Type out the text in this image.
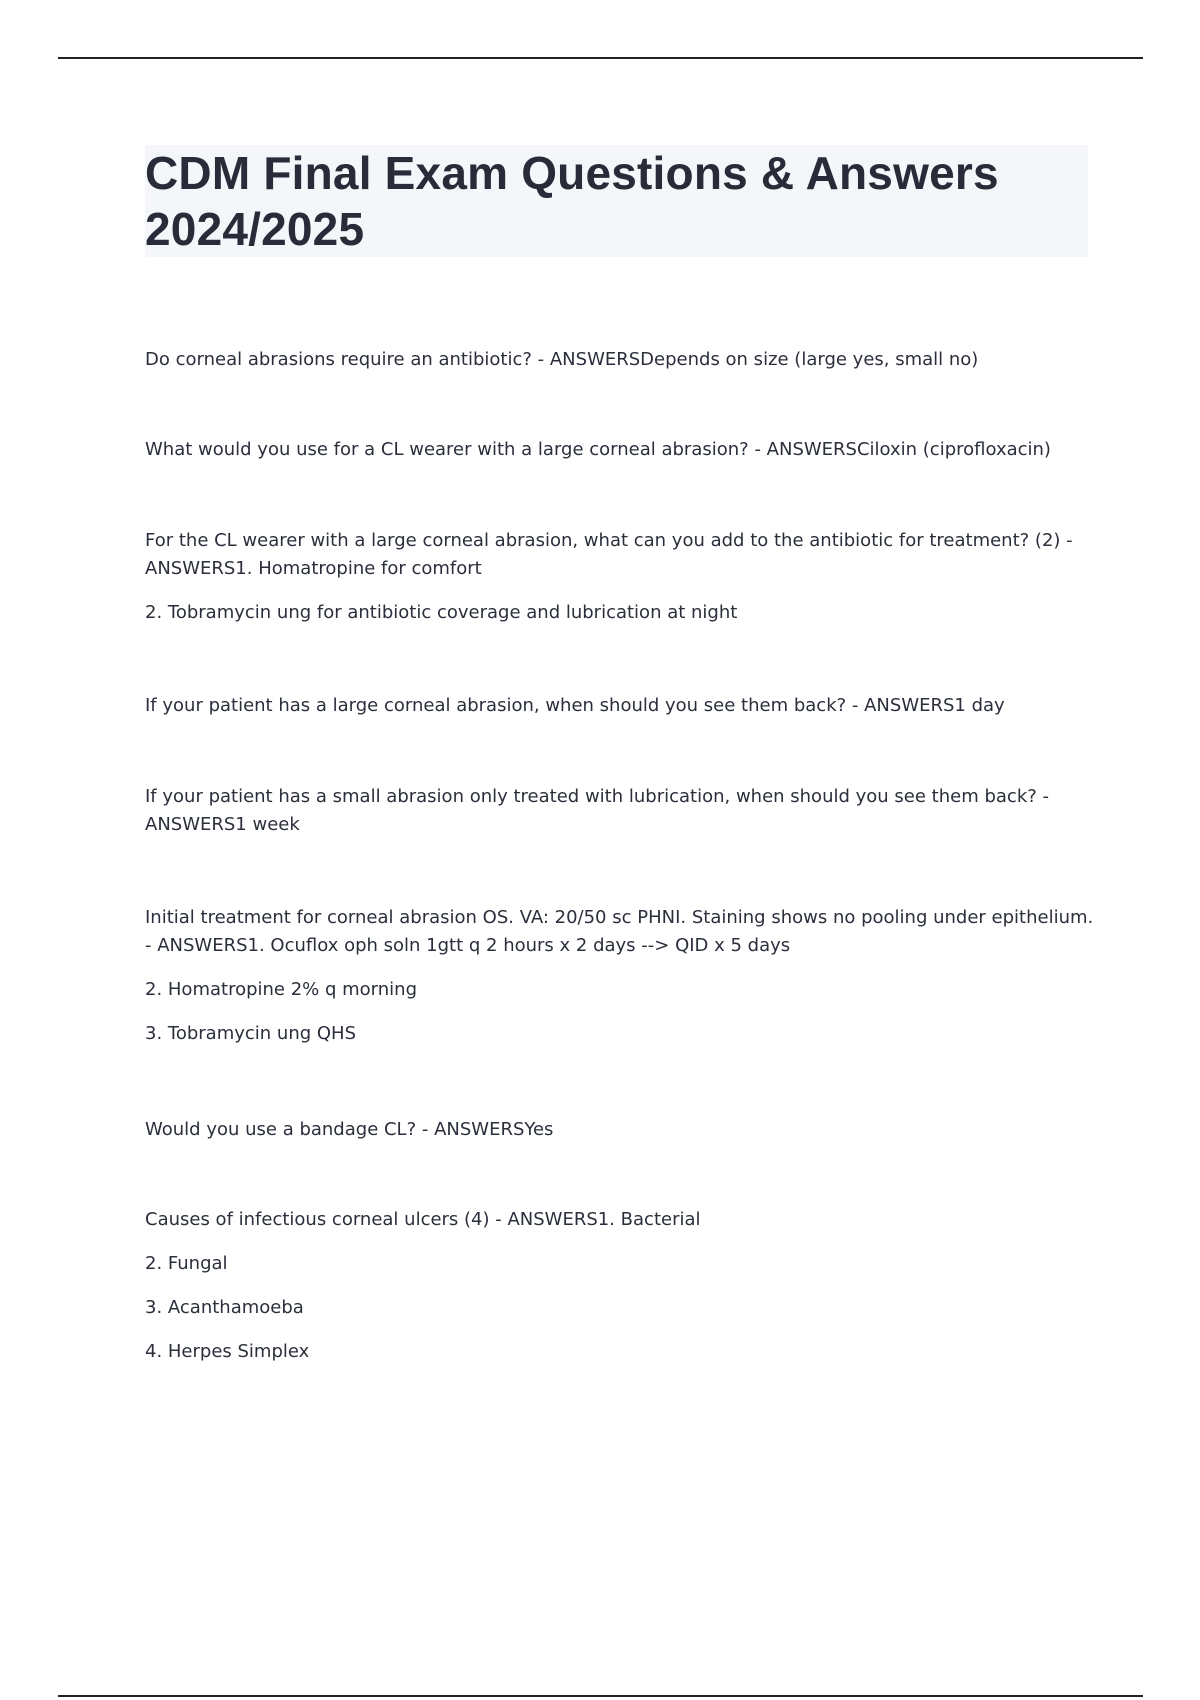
CDM Final Exam Questions & Answers 2024/2025

Do corneal abrasions require an antibiotic? - ANSWERSDepends on size (large yes, small no)

What would you use for a CL wearer with a large corneal abrasion? - ANSWERSCiloxin (ciprofloxacin)

For the CL wearer with a large corneal abrasion, what can you add to the antibiotic for treatment? (2) - ANSWERS1. Homatropine for comfort

2. Tobramycin ung for antibiotic coverage and lubrication at night

If your patient has a large corneal abrasion, when should you see them back? - ANSWERS1 day

If your patient has a small abrasion only treated with lubrication, when should you see them back? - ANSWERS1 week

Initial treatment for corneal abrasion OS. VA: 20/50 sc PHNI. Staining shows no pooling under epithelium. - ANSWERS1. Ocuflox oph soln 1gtt q 2 hours x 2 days --> QID x 5 days

2. Homatropine 2% q morning

3. Tobramycin ung QHS

Would you use a bandage CL? - ANSWERSYes

Causes of infectious corneal ulcers (4) - ANSWERS1. Bacterial

2. Fungal

3. Acanthamoeba

4. Herpes Simplex
